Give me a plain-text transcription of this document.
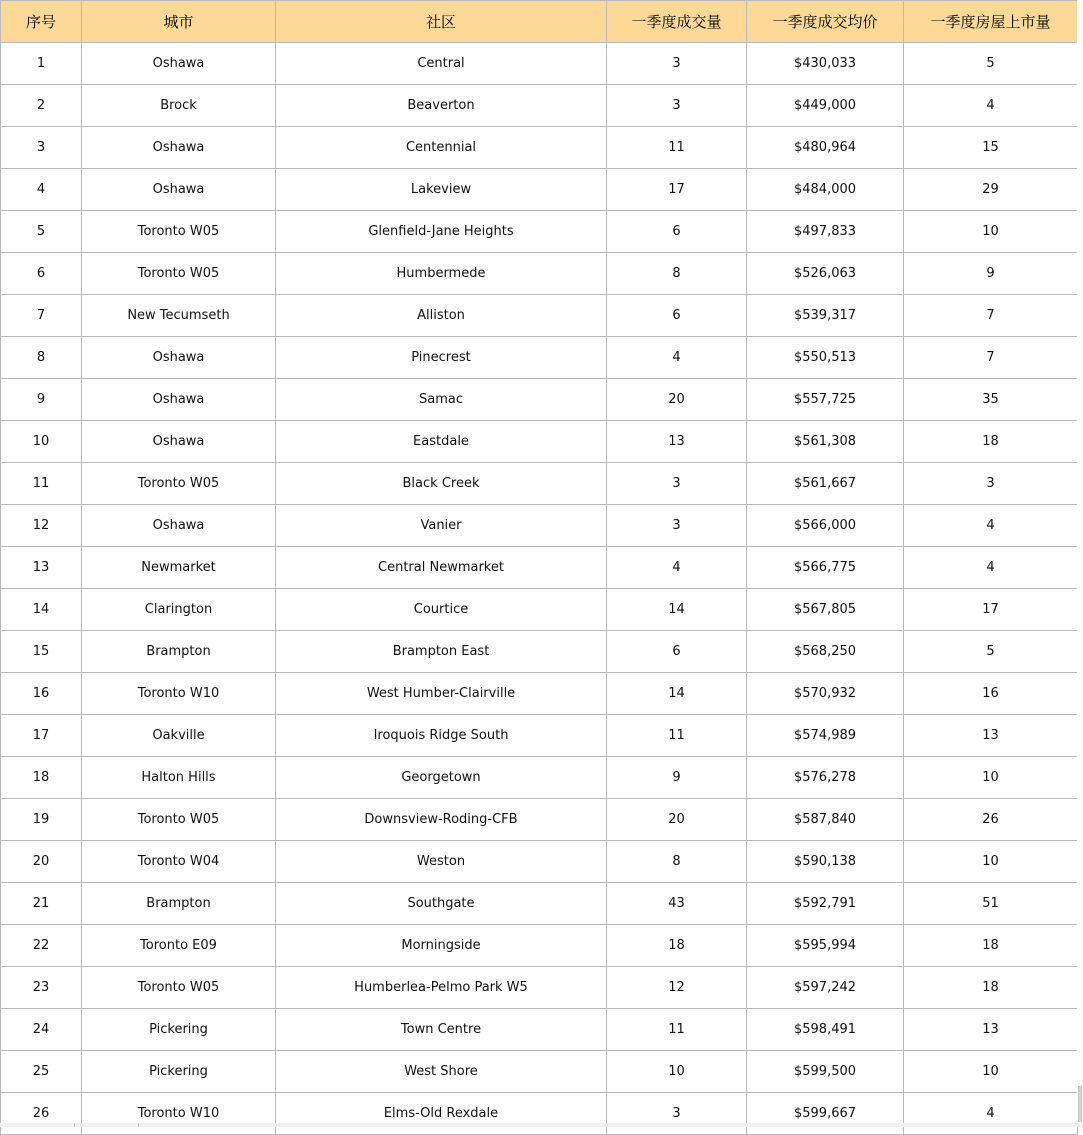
序号	城市	社区	一季度成交量	一季度成交均价	一季度房屋上市量
1	Oshawa	Central	3	$430,033	5
2	Brock	Beaverton	3	$449,000	4
3	Oshawa	Centennial	11	$480,964	15
4	Oshawa	Lakeview	17	$484,000	29
5	Toronto W05	Glenfield-Jane Heights	6	$497,833	10
6	Toronto W05	Humbermede	8	$526,063	9
7	New Tecumseth	Alliston	6	$539,317	7
8	Oshawa	Pinecrest	4	$550,513	7
9	Oshawa	Samac	20	$557,725	35
10	Oshawa	Eastdale	13	$561,308	18
11	Toronto W05	Black Creek	3	$561,667	3
12	Oshawa	Vanier	3	$566,000	4
13	Newmarket	Central Newmarket	4	$566,775	4
14	Clarington	Courtice	14	$567,805	17
15	Brampton	Brampton East	6	$568,250	5
16	Toronto W10	West Humber-Clairville	14	$570,932	16
17	Oakville	Iroquois Ridge South	11	$574,989	13
18	Halton Hills	Georgetown	9	$576,278	10
19	Toronto W05	Downsview-Roding-CFB	20	$587,840	26
20	Toronto W04	Weston	8	$590,138	10
21	Brampton	Southgate	43	$592,791	51
22	Toronto E09	Morningside	18	$595,994	18
23	Toronto W05	Humberlea-Pelmo Park W5	12	$597,242	18
24	Pickering	Town Centre	11	$598,491	13
25	Pickering	West Shore	10	$599,500	10
26	Toronto W10	Elms-Old Rexdale	3	$599,667	4
